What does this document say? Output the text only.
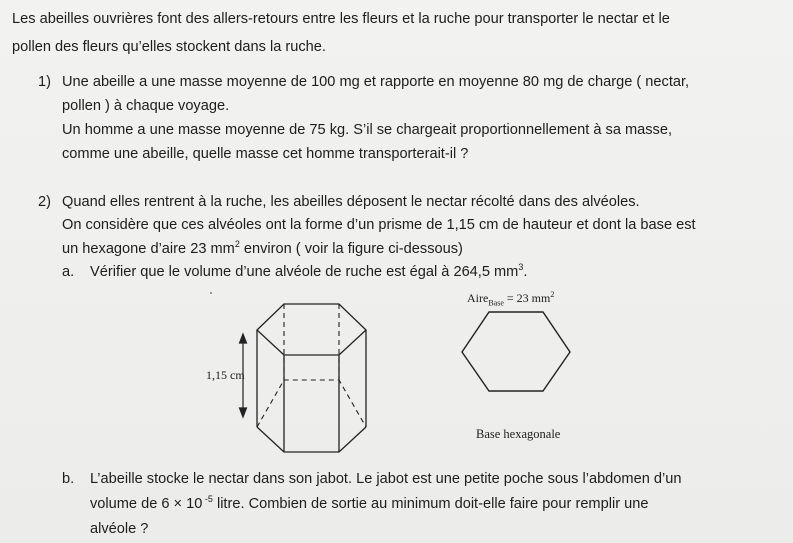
Les abeilles ouvrières font des allers-retours entre les fleurs et la ruche pour transporter le nectar et le
pollen des fleurs qu’elles stockent dans la ruche.
1) Une abeille a une masse moyenne de 100 mg et rapporte en moyenne 80 mg de charge ( nectar,
pollen ) à chaque voyage.
Un homme a une masse moyenne de 75 kg. S’il se chargeait proportionnellement à sa masse,
comme une abeille, quelle masse cet homme transporterait-il ?
2) Quand elles rentrent à la ruche, les abeilles déposent le nectar récolté dans des alvéoles.
On considère que ces alvéoles ont la forme d’un prisme de 1,15 cm de hauteur et dont la base est
un hexagone d’aire 23 $mm^2$ environ ( voir la figure ci-dessous)
a. Vérifier que le volume d’une alvéole de ruche est égal à 264,5 $mm^3$.
1,15 cm
Aire$_{Base}$ = 23 $mm^2$
Base hexagonale
b. L’abeille stocke le nectar dans son jabot. Le jabot est une petite poche sous l’abdomen d’un
volume de 6 × 10 $^{-5}$ litre. Combien de sortie au minimum doit-elle faire pour remplir une
alvéole ?
